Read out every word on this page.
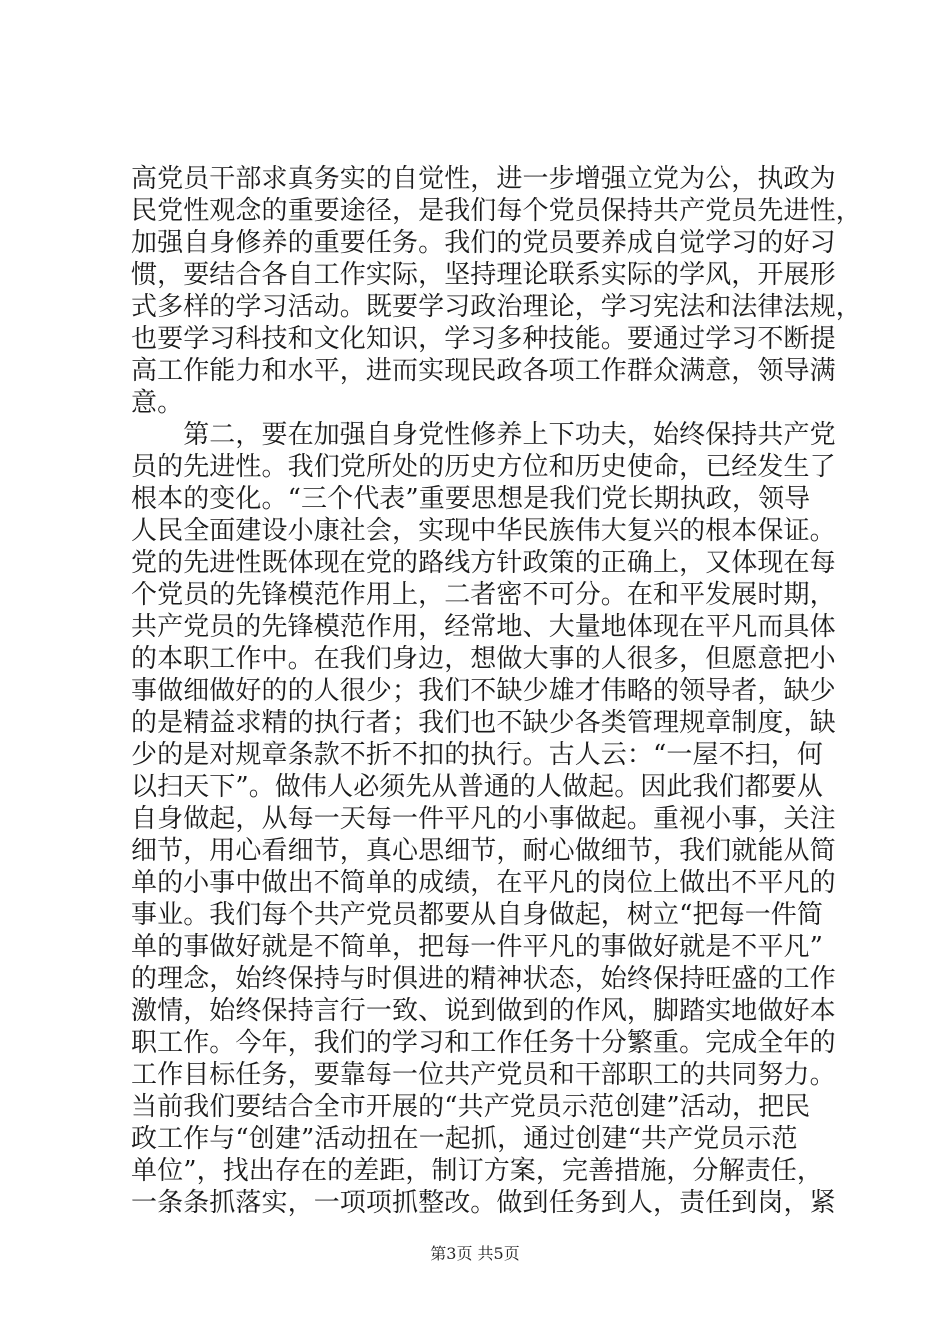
高党员干部求真务实的自觉性，进一步增强立党为公，执政为
民党性观念的重要途径，是我们每个党员保持共产党员先进性，
加强自身修养的重要任务。我们的党员要养成自觉学习的好习
惯，要结合各自工作实际，坚持理论联系实际的学风，开展形
式多样的学习活动。既要学习政治理论，学习宪法和法律法规，
也要学习科技和文化知识，学习多种技能。要通过学习不断提
高工作能力和水平，进而实现民政各项工作群众满意，领导满
意。
　　第二，要在加强自身党性修养上下功夫，始终保持共产党
员的先进性。我们党所处的历史方位和历史使命，已经发生了
根本的变化。“三个代表”重要思想是我们党长期执政，领导
人民全面建设小康社会，实现中华民族伟大复兴的根本保证。
党的先进性既体现在党的路线方针政策的正确上，又体现在每
个党员的先锋模范作用上，二者密不可分。在和平发展时期，
共产党员的先锋模范作用，经常地、大量地体现在平凡而具体
的本职工作中。在我们身边，想做大事的人很多，但愿意把小
事做细做好的的人很少；我们不缺少雄才伟略的领导者，缺少
的是精益求精的执行者；我们也不缺少各类管理规章制度，缺
少的是对规章条款不折不扣的执行。古人云：“一屋不扫，何
以扫天下”。做伟人必须先从普通的人做起。因此我们都要从
自身做起，从每一天每一件平凡的小事做起。重视小事，关注
细节，用心看细节，真心思细节，耐心做细节，我们就能从简
单的小事中做出不简单的成绩，在平凡的岗位上做出不平凡的
事业。我们每个共产党员都要从自身做起，树立“把每一件简
单的事做好就是不简单，把每一件平凡的事做好就是不平凡”
的理念，始终保持与时俱进的精神状态，始终保持旺盛的工作
激情，始终保持言行一致、说到做到的作风，脚踏实地做好本
职工作。今年，我们的学习和工作任务十分繁重。完成全年的
工作目标任务，要靠每一位共产党员和干部职工的共同努力。
当前我们要结合全市开展的“共产党员示范创建”活动，把民
政工作与“创建”活动扭在一起抓，通过创建“共产党员示范
单位”，找出存在的差距，制订方案，完善措施，分解责任，
一条条抓落实，一项项抓整改。做到任务到人，责任到岗，紧
第3页 共5页
